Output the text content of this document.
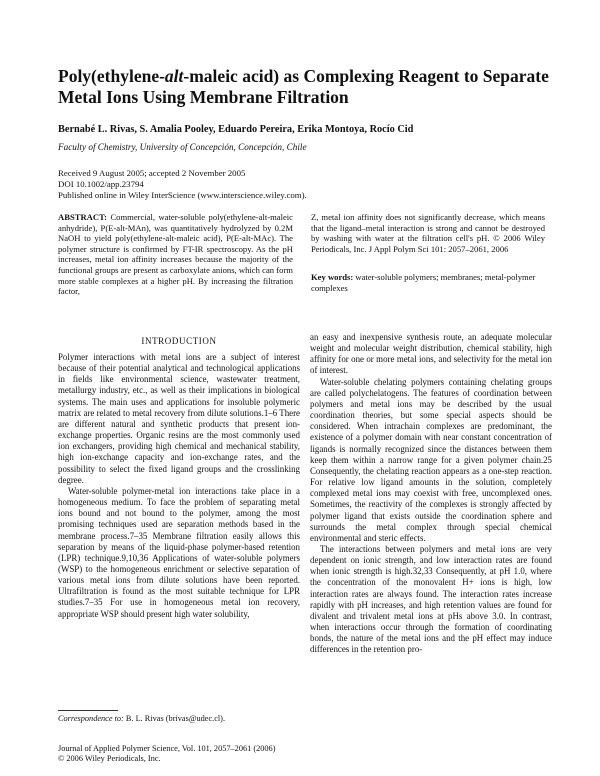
Poly(ethylene-alt-maleic acid) as Complexing Reagent to Separate Metal Ions Using Membrane Filtration
Bernabé L. Rivas, S. Amalia Pooley, Eduardo Pereira, Erika Montoya, Rocío Cid
Faculty of Chemistry, University of Concepción, Concepción, Chile
Received 9 August 2005; accepted 2 November 2005
DOI 10.1002/app.23794
Published online in Wiley InterScience (www.interscience.wiley.com).
ABSTRACT: Commercial, water-soluble poly(ethylene-alt-maleic anhydride), P(E-alt-MAn), was quantitatively hydrolyzed by 0.2M NaOH to yield poly(ethylene-alt-maleic acid), P(E-alt-MAc). The polymer structure is confirmed by FT-IR spectroscopy. As the pH increases, metal ion affinity increases because the majority of the functional groups are present as carboxylate anions, which can form more stable complexes at a higher pH. By increasing the filtration factor,
Z, metal ion affinity does not significantly decrease, which means that the ligand–metal interaction is strong and cannot be destroyed by washing with water at the filtration cell's pH. © 2006 Wiley Periodicals, Inc. J Appl Polym Sci 101: 2057–2061, 2006
Key words: water-soluble polymers; membranes; metal-polymer complexes
INTRODUCTION

Polymer interactions with metal ions are a subject of interest because of their potential analytical and technological applications in fields like environmental science, wastewater treatment, metallurgy industry, etc., as well as their implications in biological systems. The main uses and applications for insoluble polymeric matrix are related to metal recovery from dilute solutions.1–6 There are different natural and synthetic products that present ion-exchange properties. Organic resins are the most commonly used ion exchangers, providing high chemical and mechanical stability, high ion-exchange capacity and ion-exchange rates, and the possibility to select the fixed ligand groups and the crosslinking degree.

Water-soluble polymer-metal ion interactions take place in a homogeneous medium. To face the problem of separating metal ions bound and not bound to the polymer, among the most promising techniques used are separation methods based in the membrane process.7–35 Membrane filtration easily allows this separation by means of the liquid-phase polymer-based retention (LPR) technique.9,10,36 Applications of water-soluble polymers (WSP) to the homogeneous enrichment or selective separation of various metal ions from dilute solutions have been reported. Ultrafiltration is found as the most suitable technique for LPR studies.7–35 For use in homogeneous metal ion recovery, appropriate WSP should present high water solubility,

an easy and inexpensive synthesis route, an adequate molecular weight and molecular weight distribution, chemical stability, high affinity for one or more metal ions, and selectivity for the metal ion of interest.

Water-soluble chelating polymers containing chelating groups are called polychelatogens. The features of coordination between polymers and metal ions may be described by the usual coordination theories, but some special aspects should be considered. When intrachain complexes are predominant, the existence of a polymer domain with near constant concentration of ligands is normally recognized since the distances between them keep them within a narrow range for a given polymer chain.25 Consequently, the chelating reaction appears as a one-step reaction. For relative low ligand amounts in the solution, completely complexed metal ions may coexist with free, uncomplexed ones. Sometimes, the reactivity of the complexes is strongly affected by polymer ligand that exists outside the coordination sphere and surrounds the metal complex through special chemical environmental and steric effects.

The interactions between polymers and metal ions are very dependent on ionic strength, and low interaction rates are found when ionic strength is high.32,33 Consequently, at pH 1.0, where the concentration of the monovalent H+ ions is high, low interaction rates are always found. The interaction rates increase rapidly with pH increases, and high retention values are found for divalent and trivalent metal ions at pHs above 3.0. In contrast, when interactions occur through the formation of coordinating bonds, the nature of the metal ions and the pH effect may induce differences in the retention pro-

Correspondence to: B. L. Rivas (brivas@udec.cl).
Journal of Applied Polymer Science, Vol. 101, 2057–2061 (2006)
© 2006 Wiley Periodicals, Inc.
